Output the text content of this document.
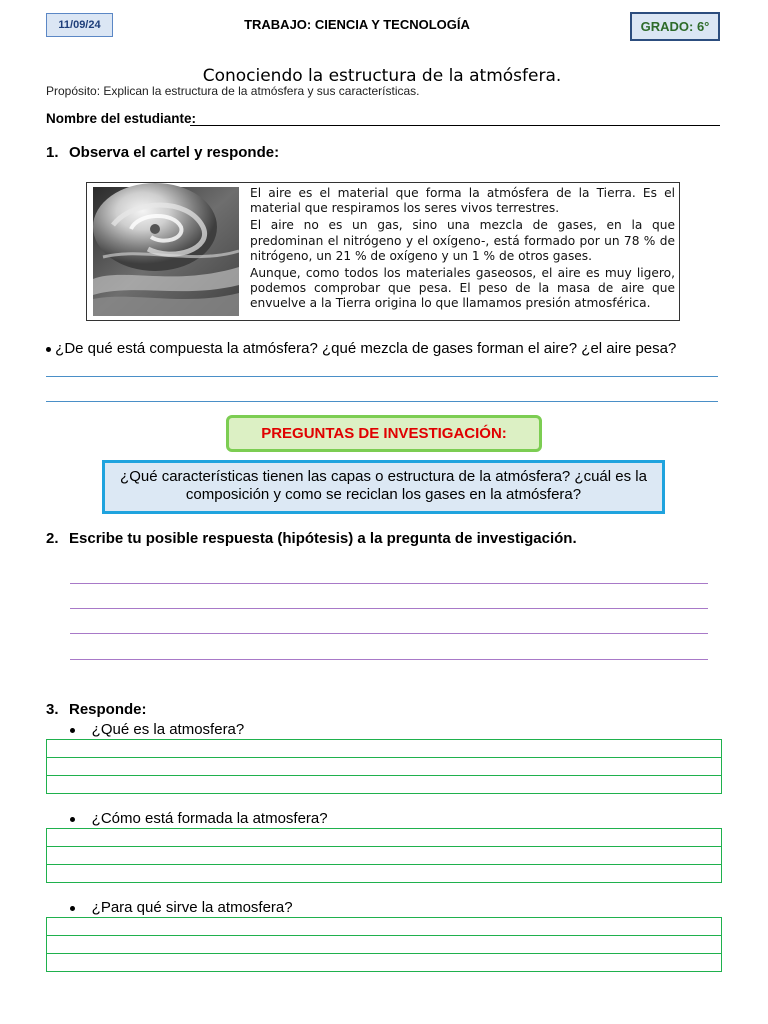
11/09/24	TRABAJO: CIENCIA Y TECNOLOGÍA	GRADO: 6°
Conociendo la estructura de la atmósfera.
Propósito: Explican la estructura de la atmósfera y sus características.
Nombre del estudiante:
1. Observa el cartel y responde:

El aire es el material que forma la atmósfera de la Tierra. Es el material que respiramos los seres vivos terrestres.

El aire no es un gas, sino una mezcla de gases, en la que predominan el nitrógeno y el oxígeno-, está formado por un 78 % de nitrógeno, un 21 % de oxígeno y un 1 % de otros gases.

Aunque, como todos los materiales gaseosos, el aire es muy ligero, podemos comprobar que pesa. El peso de la masa de aire que envuelve a la Tierra origina lo que llamamos presión atmosférica.

¿De qué está compuesta la atmósfera? ¿qué mezcla de gases forman el aire? ¿el aire pesa?
PREGUNTAS DE INVESTIGACIÓN:
¿Qué características tienen las capas o estructura de la atmósfera? ¿cuál es la composición y como se reciclan los gases en la atmósfera?
2. Escribe tu posible respuesta (hipótesis) a la pregunta de investigación.
3. Responde:
¿Qué es la atmosfera?
¿Cómo está formada la atmosfera?
¿Para qué sirve la atmosfera?
